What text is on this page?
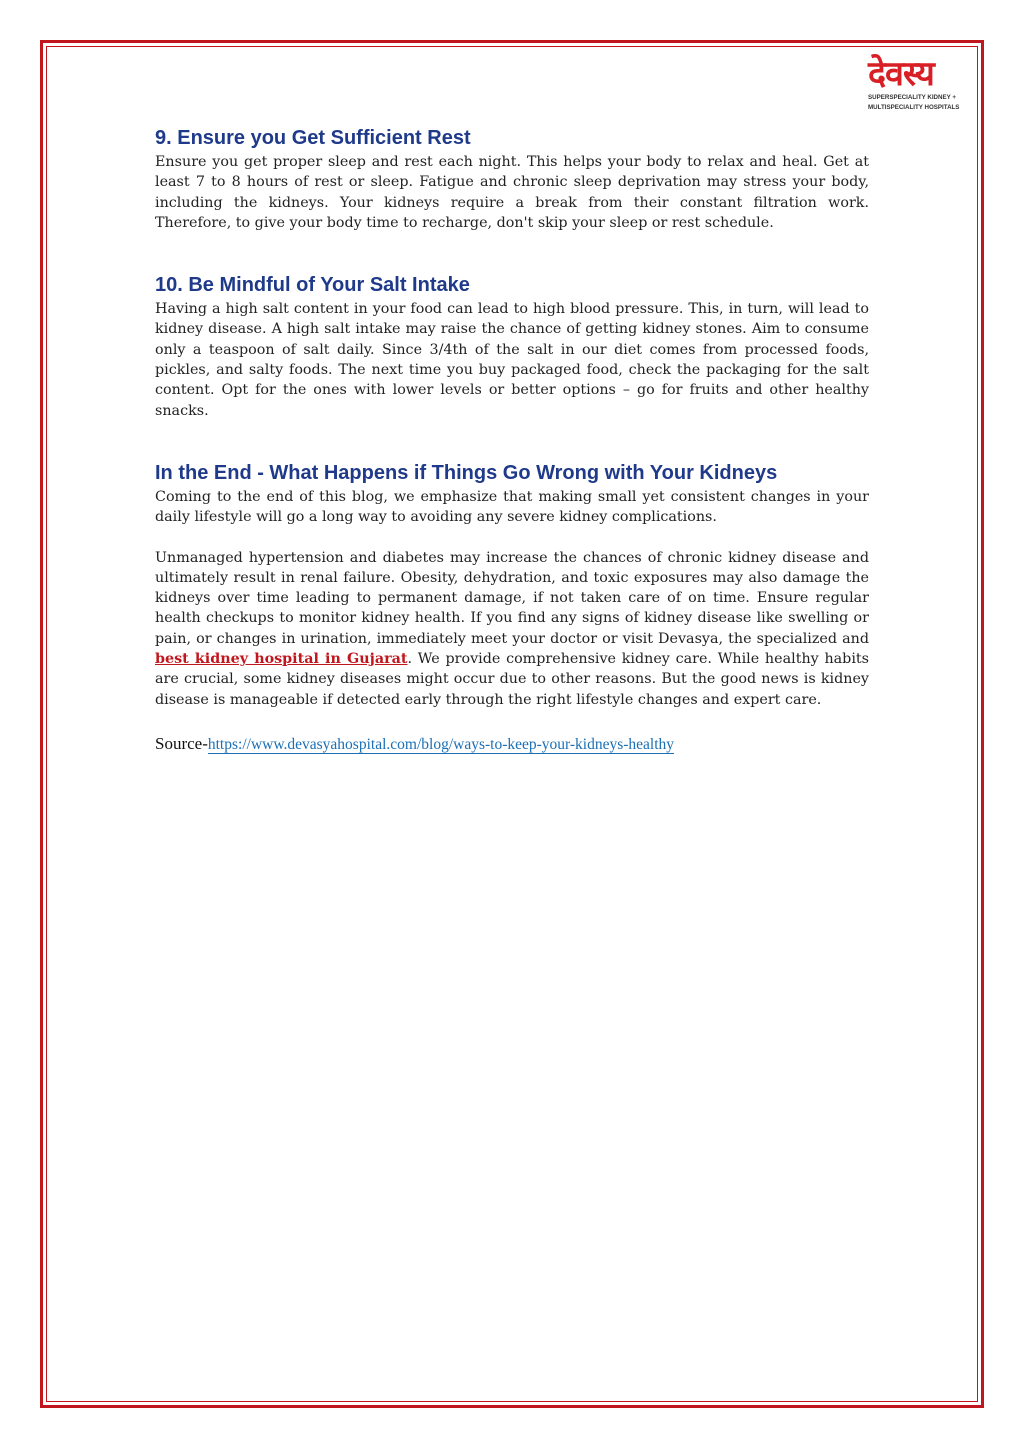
देवस्य
SUPERSPECIALITY KIDNEY +
MULTISPECIALITY HOSPITALS
9. Ensure you Get Sufficient Rest

Ensure you get proper sleep and rest each night. This helps your body to relax and heal. Get at least 7 to 8 hours of rest or sleep. Fatigue and chronic sleep deprivation may stress your body, including the kidneys. Your kidneys require a break from their constant filtration work. Therefore, to give your body time to recharge, don't skip your sleep or rest schedule.

10. Be Mindful of Your Salt Intake

Having a high salt content in your food can lead to high blood pressure. This, in turn, will lead to kidney disease. A high salt intake may raise the chance of getting kidney stones. Aim to consume only a teaspoon of salt daily. Since 3/4th of the salt in our diet comes from processed foods, pickles, and salty foods. The next time you buy packaged food, check the packaging for the salt content. Opt for the ones with lower levels or better options – go for fruits and other healthy snacks.

In the End - What Happens if Things Go Wrong with Your Kidneys

Coming to the end of this blog, we emphasize that making small yet consistent changes in your daily lifestyle will go a long way to avoiding any severe kidney complications.

Unmanaged hypertension and diabetes may increase the chances of chronic kidney disease and ultimately result in renal failure. Obesity, dehydration, and toxic exposures may also damage the kidneys over time leading to permanent damage, if not taken care of on time. Ensure regular health checkups to monitor kidney health. If you find any signs of kidney disease like swelling or pain, or changes in urination, immediately meet your doctor or visit Devasya, the specialized and best kidney hospital in Gujarat. We provide comprehensive kidney care. While healthy habits are crucial, some kidney diseases might occur due to other reasons. But the good news is kidney disease is manageable if detected early through the right lifestyle changes and expert care.

Source-https://www.devasyahospital.com/blog/ways-to-keep-your-kidneys-healthy
